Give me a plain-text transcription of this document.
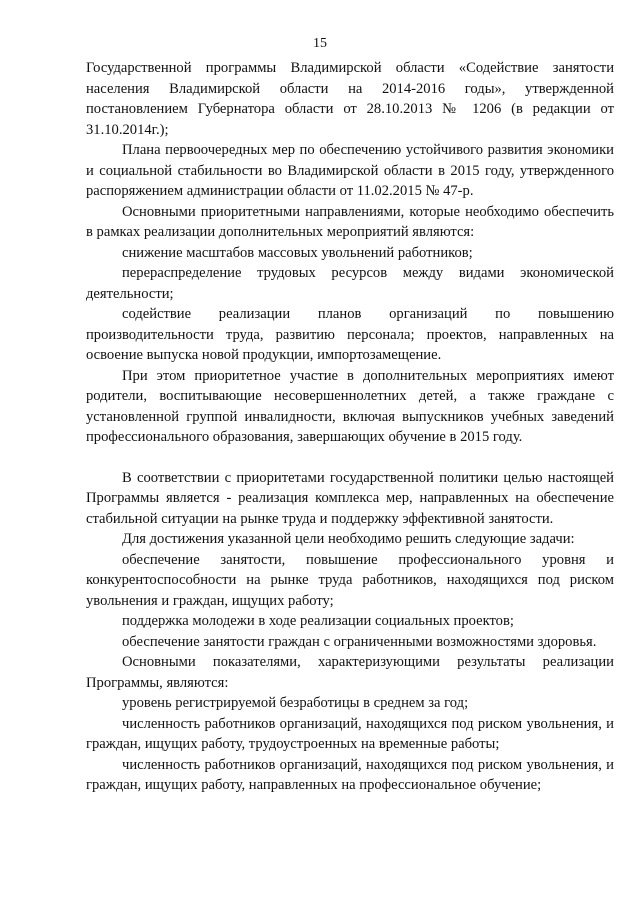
15

Государственной программы Владимирской области «Содействие занятости населения Владимирской области на 2014-2016 годы», утвержденной постановлением Губернатора области от 28.10.2013 № 1206 (в редакции от 31.10.2014г.);

Плана первоочередных мер по обеспечению устойчивого развития экономики и социальной стабильности во Владимирской области в 2015 году, утвержденного распоряжением администрации области от 11.02.2015 № 47-р.

Основными приоритетными направлениями, которые необходимо обеспечить в рамках реализации дополнительных мероприятий являются:

снижение масштабов массовых увольнений работников;

перераспределение трудовых ресурсов между видами экономической деятельности;

содействие реализации планов организаций по повышению производительности труда, развитию персонала; проектов, направленных на освоение выпуска новой продукции, импортозамещение.

При этом приоритетное участие в дополнительных мероприятиях имеют родители, воспитывающие несовершеннолетних детей, а также граждане с установленной группой инвалидности, включая выпускников учебных заведений профессионального образования, завершающих обучение в 2015 году.

В соответствии с приоритетами государственной политики целью настоящей Программы является - реализация комплекса мер, направленных на обеспечение стабильной ситуации на рынке труда и поддержку эффективной занятости.

Для достижения указанной цели необходимо решить следующие задачи:

обеспечение занятости, повышение профессионального уровня и конкурентоспособности на рынке труда работников, находящихся под риском увольнения и граждан, ищущих работу;

поддержка молодежи в ходе реализации социальных проектов;

обеспечение занятости граждан с ограниченными возможностями здоровья.

Основными показателями, характеризующими результаты реализации Программы, являются:

уровень регистрируемой безработицы в среднем за год;

численность работников организаций, находящихся под риском увольнения, и граждан, ищущих работу, трудоустроенных на временные работы;

численность работников организаций, находящихся под риском увольнения, и граждан, ищущих работу, направленных на профессиональное обучение;
